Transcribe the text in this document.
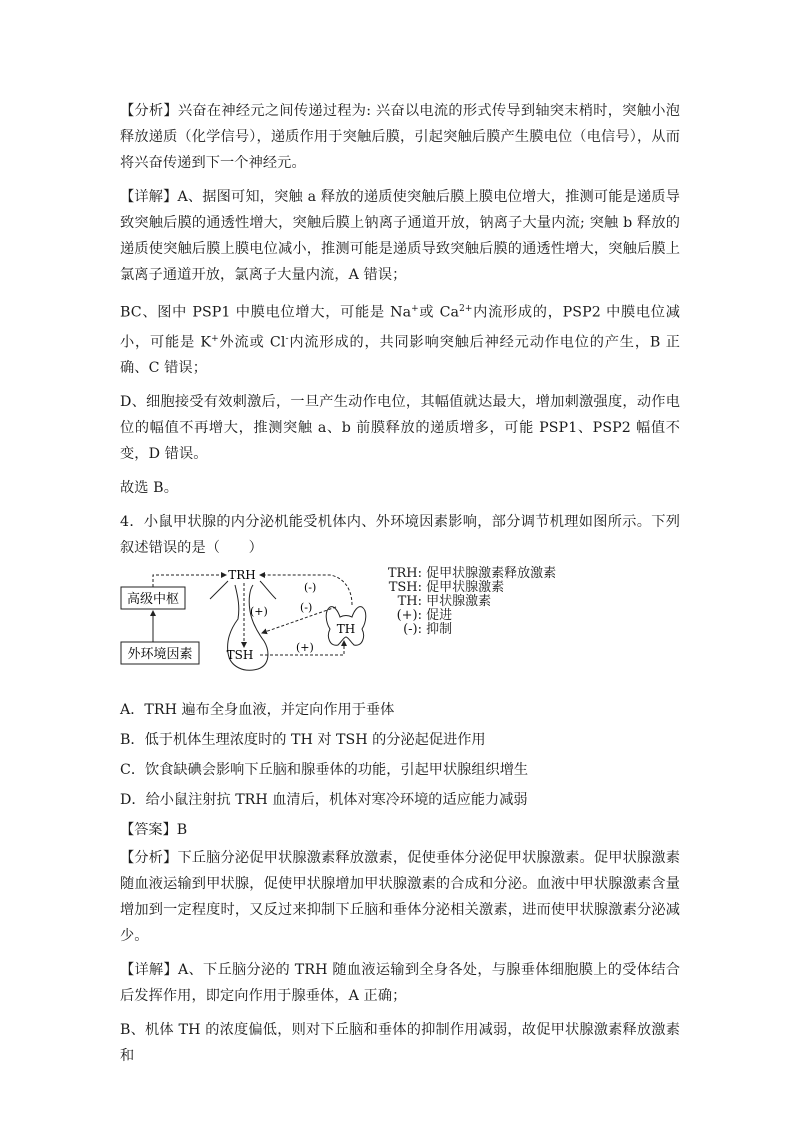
【分析】兴奋在神经元之间传递过程为: 兴奋以电流的形式传导到轴突末梢时，突触小泡释放递质（化学信号），递质作用于突触后膜，引起突触后膜产生膜电位（电信号），从而将兴奋传递到下一个神经元。

【详解】A、据图可知，突触 a 释放的递质使突触后膜上膜电位增大，推测可能是递质导致突触后膜的通透性增大，突触后膜上钠离子通道开放，钠离子大量内流; 突触 b 释放的递质使突触后膜上膜电位减小，推测可能是递质导致突触后膜的通透性增大，突触后膜上氯离子通道开放，氯离子大量内流，A 错误；

BC、图中 PSP1 中膜电位增大，可能是 Na+或 $Ca^{2+}$内流形成的，PSP2 中膜电位减小，可能是 K+外流或 Cl-内流形成的，共同影响突触后神经元动作电位的产生，B 正确、C 错误；

D、细胞接受有效刺激后，一旦产生动作电位，其幅值就达最大，增加刺激强度，动作电位的幅值不再增大，推测突触 a、b 前膜释放的递质增多，可能 PSP1、PSP2 幅值不变，D 错误。

故选 B。

4．小鼠甲状腺的内分泌机能受机体内、外环境因素影响，部分调节机理如图所示。下列叙述错误的是（　　）

高级中枢
外环境因素
TRH
(+)
TSH
(+)
TH
(-)
(-)
TRH: 促甲状腺激素释放激素
TSH: 促甲状腺激素
TH: 甲状腺激素
(+): 促进
(-): 抑制

A．TRH 遍布全身血液，并定向作用于垂体

B．低于机体生理浓度时的 TH 对 TSH 的分泌起促进作用

C．饮食缺碘会影响下丘脑和腺垂体的功能，引起甲状腺组织增生

D．给小鼠注射抗 TRH 血清后，机体对寒冷环境的适应能力减弱

【答案】B

【分析】下丘脑分泌促甲状腺激素释放激素，促使垂体分泌促甲状腺激素。促甲状腺激素随血液运输到甲状腺，促使甲状腺增加甲状腺激素的合成和分泌。血液中甲状腺激素含量增加到一定程度时，又反过来抑制下丘脑和垂体分泌相关激素，进而使甲状腺激素分泌减少。

【详解】A、下丘脑分泌的 TRH 随血液运输到全身各处，与腺垂体细胞膜上的受体结合后发挥作用，即定向作用于腺垂体，A 正确；

B、机体 TH 的浓度偏低，则对下丘脑和垂体的抑制作用减弱，故促甲状腺激素释放激素和
